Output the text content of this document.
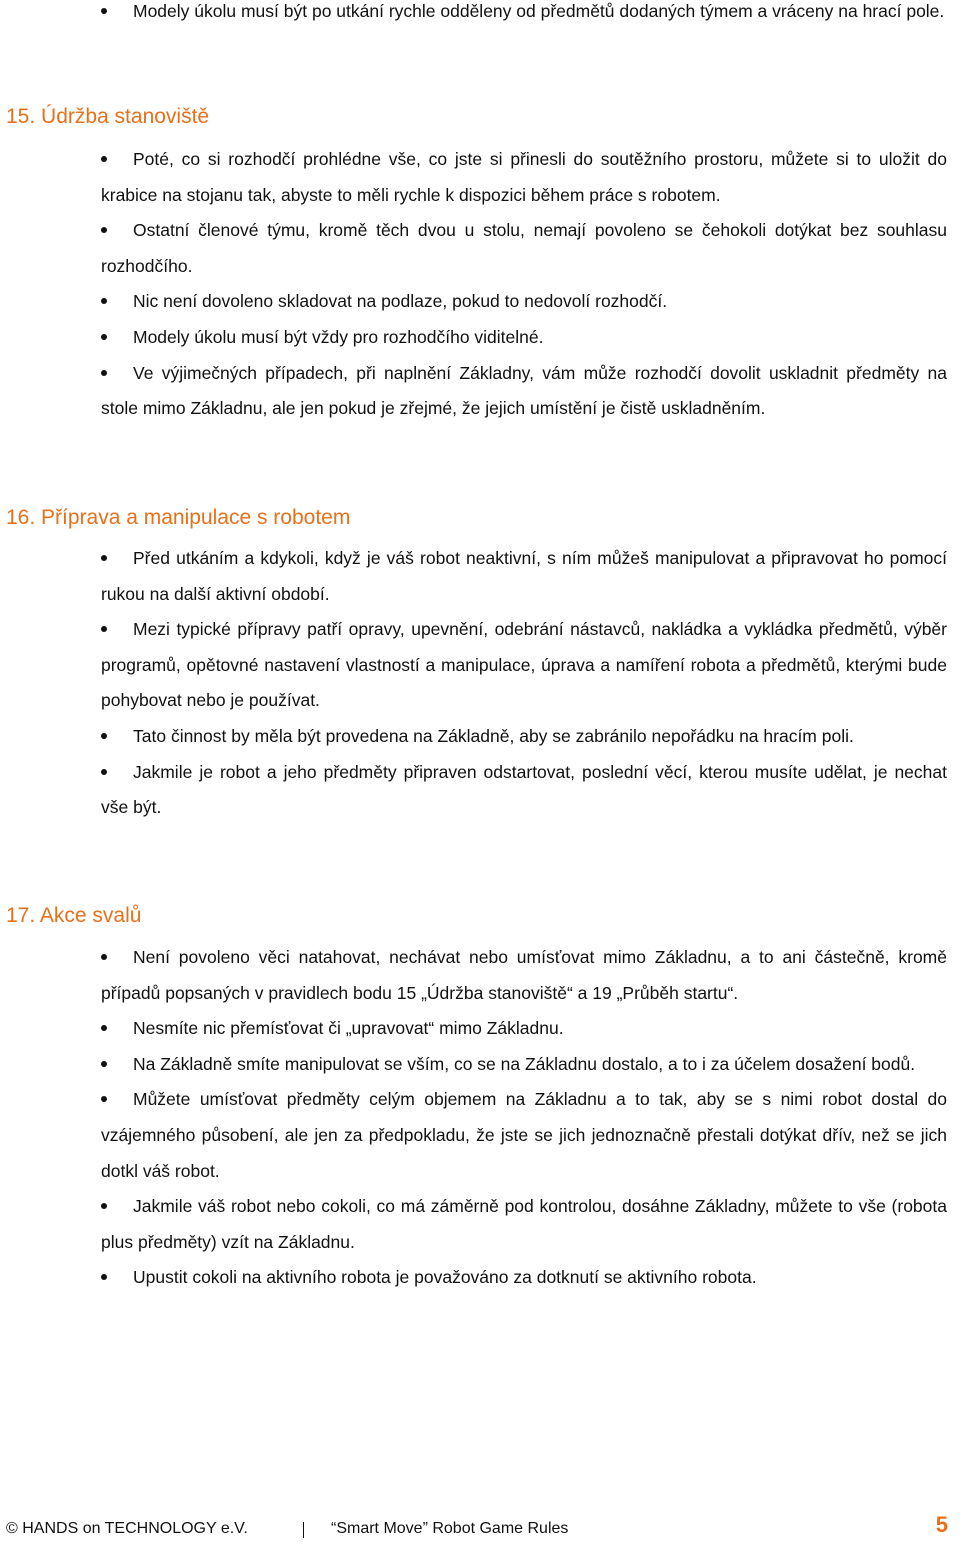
Modely úkolu musí být po utkání rychle odděleny od předmětů dodaných týmem a vráceny na hrací pole.

15. Údržba stanoviště

Poté, co si rozhodčí prohlédne vše, co jste si přinesli do soutěžního prostoru, můžete si to uložit do krabice na stojanu tak, abyste to měli rychle k dispozici během práce s robotem.

Ostatní členové týmu, kromě těch dvou u stolu, nemají povoleno se čehokoli dotýkat bez souhlasu rozhodčího.

Nic není dovoleno skladovat na podlaze, pokud to nedovolí rozhodčí.

Modely úkolu musí být vždy pro rozhodčího viditelné.

Ve výjimečných případech, při naplnění Základny, vám může rozhodčí dovolit uskladnit předměty na stole mimo Základnu, ale jen pokud je zřejmé, že jejich umístění je čistě uskladněním.

16. Příprava a manipulace s robotem

Před utkáním a kdykoli, když je váš robot neaktivní, s ním můžeš manipulovat a připravovat ho pomocí rukou na další aktivní období.

Mezi typické přípravy patří opravy, upevnění, odebrání nástavců, nakládka a vykládka předmětů, výběr programů, opětovné nastavení vlastností a manipulace, úprava a namíření robota a předmětů, kterými bude pohybovat nebo je používat.

Tato činnost by měla být provedena na Základně, aby se zabránilo nepořádku na hracím poli.

Jakmile je robot a jeho předměty připraven odstartovat, poslední věcí, kterou musíte udělat, je nechat vše být.

17. Akce svalů

Není povoleno věci natahovat, nechávat nebo umísťovat mimo Základnu, a to ani částečně, kromě případů popsaných v pravidlech bodu 15 „Údržba stanoviště“ a 19 „Průběh startu“.

Nesmíte nic přemísťovat či „upravovat“ mimo Základnu.

Na Základně smíte manipulovat se vším, co se na Základnu dostalo, a to i za účelem dosažení bodů.

Můžete umísťovat předměty celým objemem na Základnu a to tak, aby se s nimi robot dostal do vzájemného působení, ale jen za předpokladu, že jste se jich jednoznačně přestali dotýkat dřív, než se jich dotkl váš robot.

Jakmile váš robot nebo cokoli, co má záměrně pod kontrolou, dosáhne Základny, můžete to vše (robota plus předměty) vzít na Základnu.

Upustit cokoli na aktivního robota je považováno za dotknutí se aktivního robota.

© HANDS on TECHNOLOGY e.V.	“Smart Move” Robot Game Rules	5
